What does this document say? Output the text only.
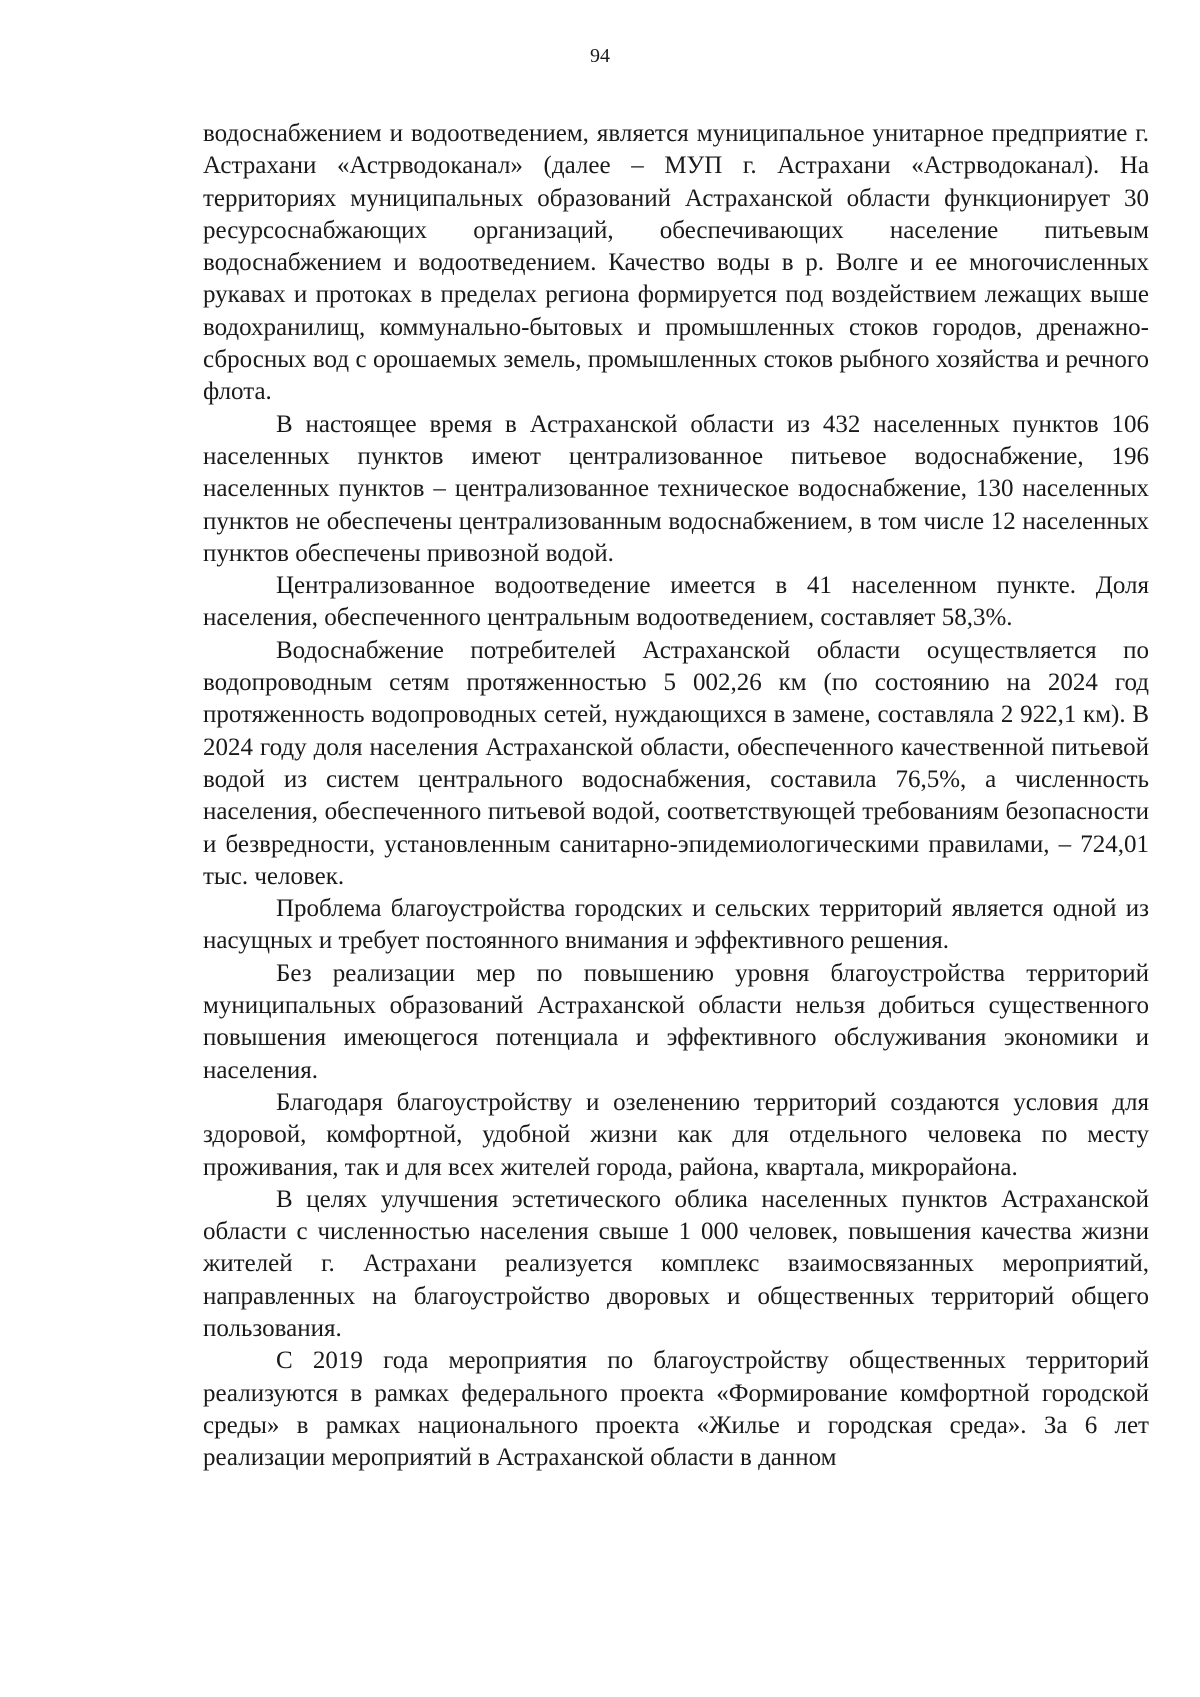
94

водоснабжением и водоотведением, является муниципальное унитарное предприятие г. Астрахани «Астрводоканал» (далее – МУП г. Астрахани «Астрводоканал). На территориях муниципальных образований Астраханской области функционирует 30 ресурсоснабжающих организаций, обеспечивающих население питьевым водоснабжением и водоотведением. Качество воды в р. Волге и ее многочисленных рукавах и протоках в пределах региона формируется под воздействием лежащих выше водохранилищ, коммунально-бытовых и промышленных стоков городов, дренажно-сбросных вод с орошаемых земель, промышленных стоков рыбного хозяйства и речного флота.

В настоящее время в Астраханской области из 432 населенных пунктов 106 населенных пунктов имеют централизованное питьевое водоснабжение, 196 населенных пунктов – централизованное техническое водоснабжение, 130 населенных пунктов не обеспечены централизованным водоснабжением, в том числе 12 населенных пунктов обеспечены привозной водой.

Централизованное водоотведение имеется в 41 населенном пункте. Доля населения, обеспеченного центральным водоотведением, составляет 58,3%.

Водоснабжение потребителей Астраханской области осуществляется по водопроводным сетям протяженностью 5 002,26 км (по состоянию на 2024 год протяженность водопроводных сетей, нуждающихся в замене, составляла 2 922,1 км). В 2024 году доля населения Астраханской области, обеспеченного качественной питьевой водой из систем центрального водоснабжения, составила 76,5%, а численность населения, обеспеченного питьевой водой, соответствующей требованиям безопасности и безвредности, установленным санитарно-эпидемиологическими правилами, – 724,01 тыс. человек.

Проблема благоустройства городских и сельских территорий является одной из насущных и требует постоянного внимания и эффективного решения.

Без реализации мер по повышению уровня благоустройства территорий муниципальных образований Астраханской области нельзя добиться существенного повышения имеющегося потенциала и эффективного обслуживания экономики и населения.

Благодаря благоустройству и озеленению территорий создаются условия для здоровой, комфортной, удобной жизни как для отдельного человека по месту проживания, так и для всех жителей города, района, квартала, микрорайона.

В целях улучшения эстетического облика населенных пунктов Астраханской области с численностью населения свыше 1 000 человек, повышения качества жизни жителей г. Астрахани реализуется комплекс взаимосвязанных мероприятий, направленных на благоустройство дворовых и общественных территорий общего пользования.

С 2019 года мероприятия по благоустройству общественных территорий реализуются в рамках федерального проекта «Формирование комфортной городской среды» в рамках национального проекта «Жилье и городская среда». За 6 лет реализации мероприятий в Астраханской области в данном
